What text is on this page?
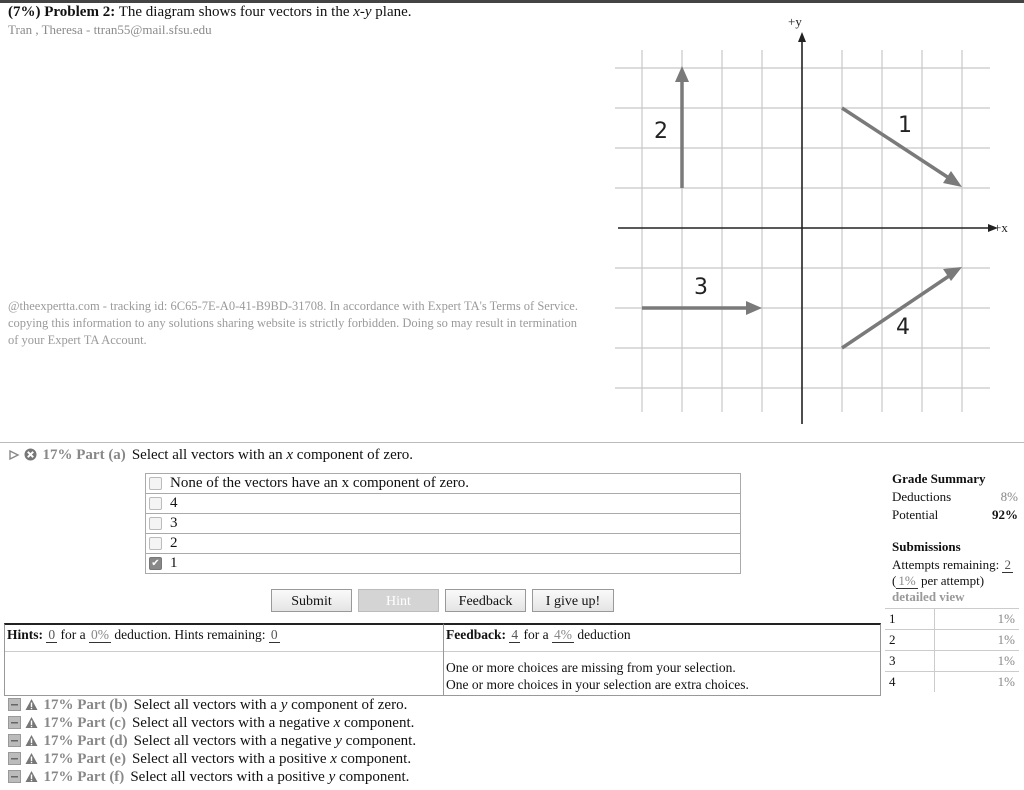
(7%) Problem 2: The diagram shows four vectors in the x-y plane.
Tran , Theresa - ttran55@mail.sfsu.edu
@theexpertta.com - tracking id: 6C65-7E-A0-41-B9BD-31708. In accordance with Expert TA's Terms of Service. copying this information to any solutions sharing website is strictly forbidden. Doing so may result in termination of your Expert TA Account.
+x
+y
1
2
3
4
17% Part (a) Select all vectors with an x component of zero.
None of the vectors have an x component of zero.
4
3
2
✔ 1
Submit	Hint	Feedback	I give up!
Hints: 0 for a 0% deduction. Hints remaining: 0	Feedback: 4 for a 4% deduction
One or more choices are missing from your selection.
One or more choices in your selection are extra choices.
Grade Summary
Deductions	8%
Potential	92%
Submissions
Attempts remaining: 2
( 1% per attempt)
detailed view
1	1%
2	1%
3	1%
4	1%
17% Part (b) Select all vectors with a y component of zero.
17% Part (c) Select all vectors with a negative x component.
17% Part (d) Select all vectors with a negative y component.
17% Part (e) Select all vectors with a positive x component.
17% Part (f) Select all vectors with a positive y component.
